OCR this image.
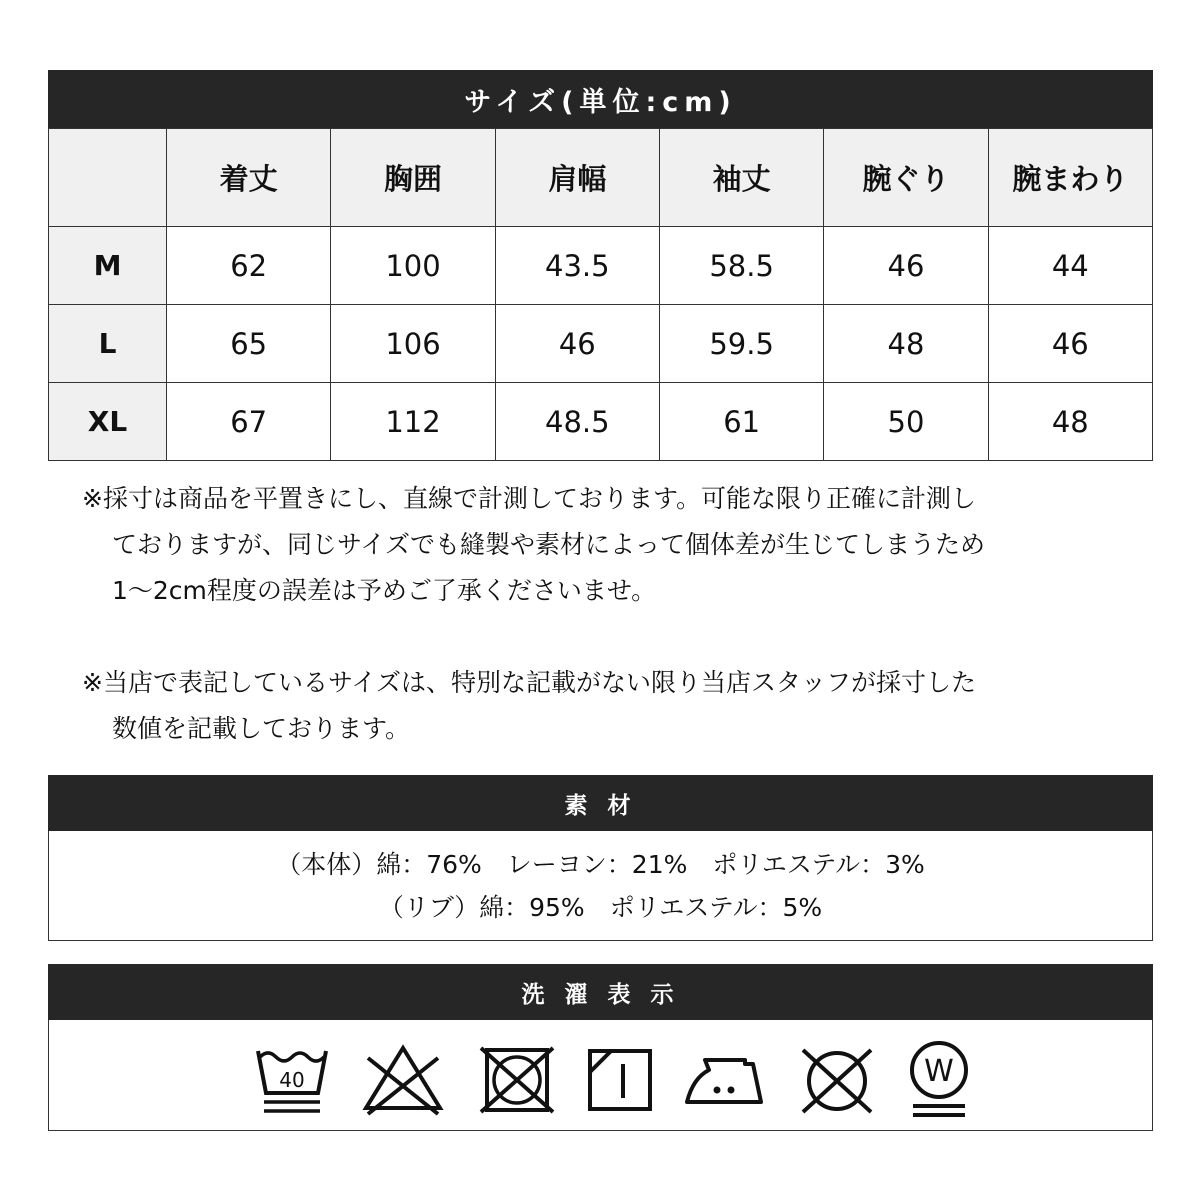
サイズ(単位:cm)
	着丈	胸囲	肩幅	袖丈	腕ぐり	腕まわり
M	62	100	43.5	58.5	46	44
L	65	106	46	59.5	48	46
XL	67	112	48.5	61	50	48

※採寸は商品を平置きにし、直線で計測しております。可能な限り正確に計測し

ておりますが、同じサイズでも縫製や素材によって個体差が生じてしまうため

1～2cm程度の誤差は予めご了承くださいませ。

※当店で表記しているサイズは、特別な記載がない限り当店スタッフが採寸した

数値を記載しております。

素 材
（本体）綿：76%　レーヨン：21%　ポリエステル：3%
（リブ）綿：95%　ポリエステル：5%
洗 濯 表 示
40	W
